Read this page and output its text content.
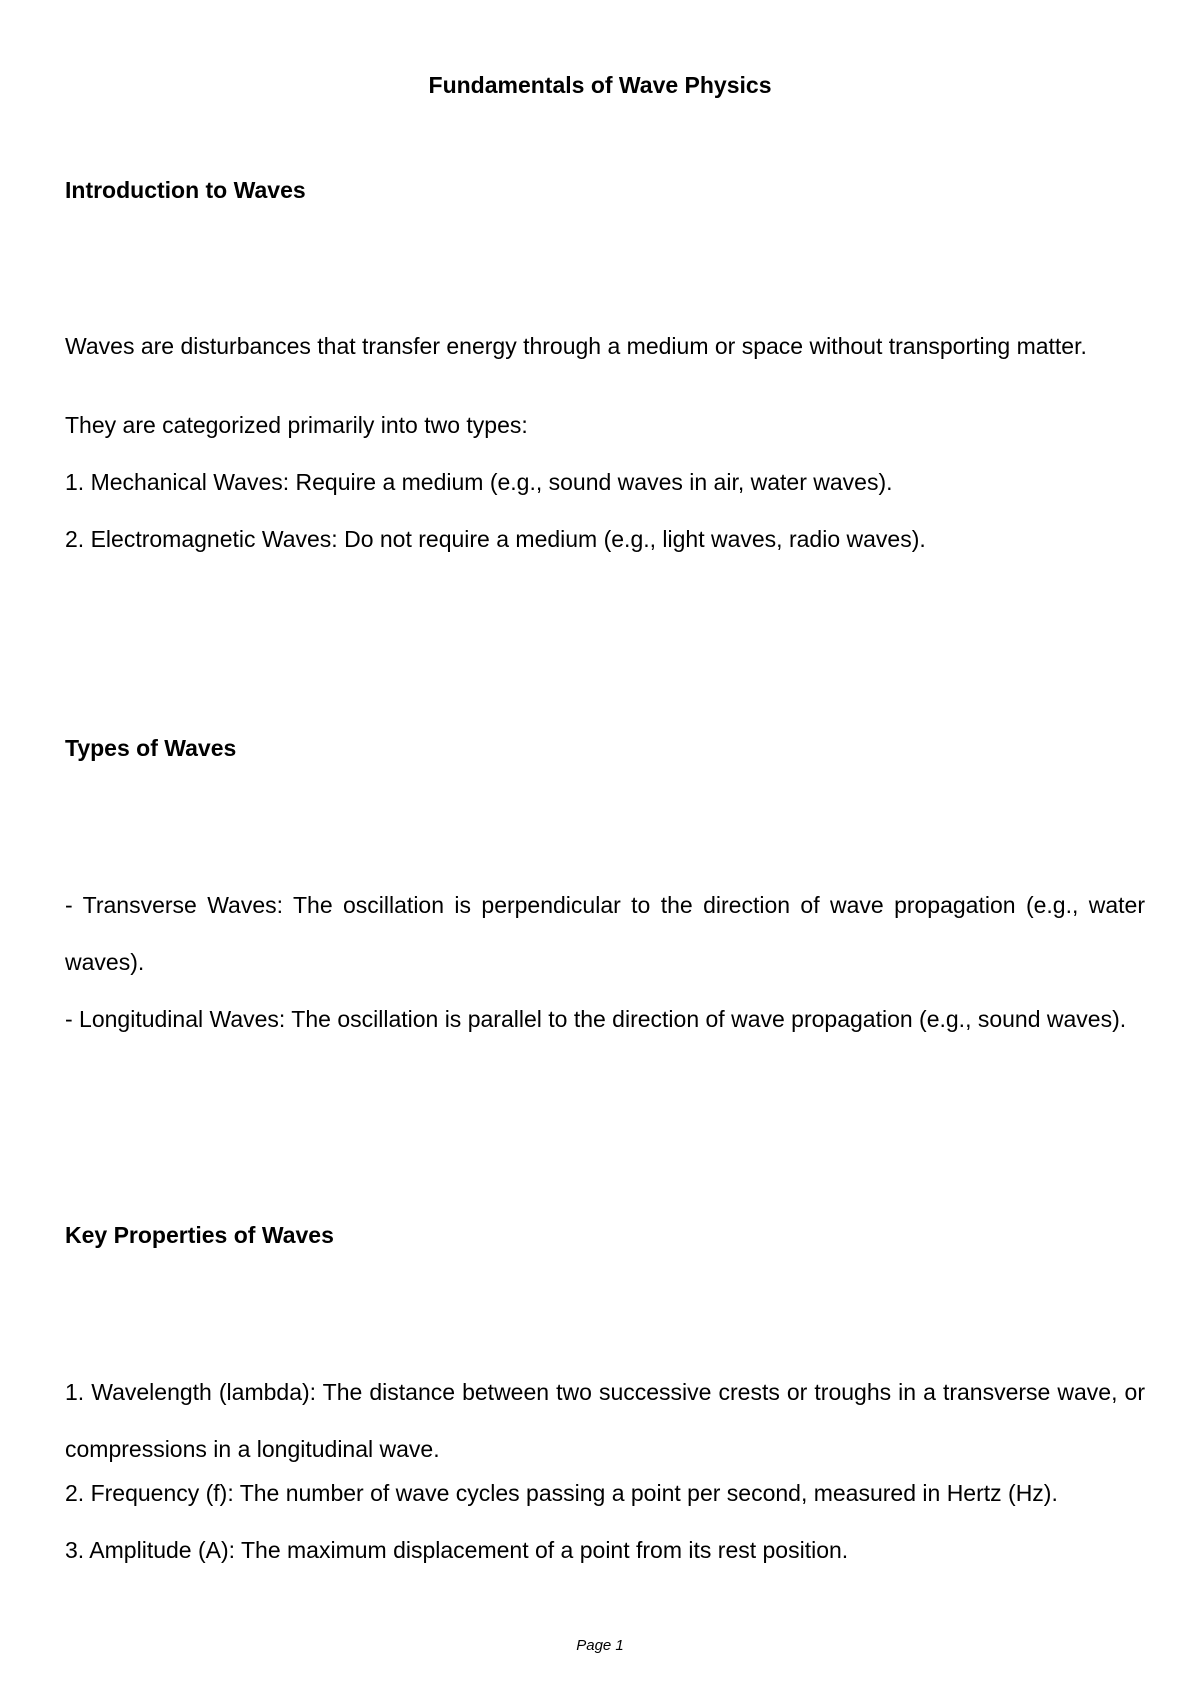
Fundamentals of Wave Physics
Introduction to Waves

Waves are disturbances that transfer energy through a medium or space without transporting matter.

They are categorized primarily into two types:
1. Mechanical Waves: Require a medium (e.g., sound waves in air, water waves).
2. Electromagnetic Waves: Do not require a medium (e.g., light waves, radio waves).
Types of Waves

- Transverse Waves: The oscillation is perpendicular to the direction of wave propagation (e.g., water waves).

- Longitudinal Waves: The oscillation is parallel to the direction of wave propagation (e.g., sound waves).

Key Properties of Waves

1. Wavelength (lambda): The distance between two successive crests or troughs in a transverse wave, or compressions in a longitudinal wave.

2. Frequency (f): The number of wave cycles passing a point per second, measured in Hertz (Hz).
3. Amplitude (A): The maximum displacement of a point from its rest position.
Page 1
